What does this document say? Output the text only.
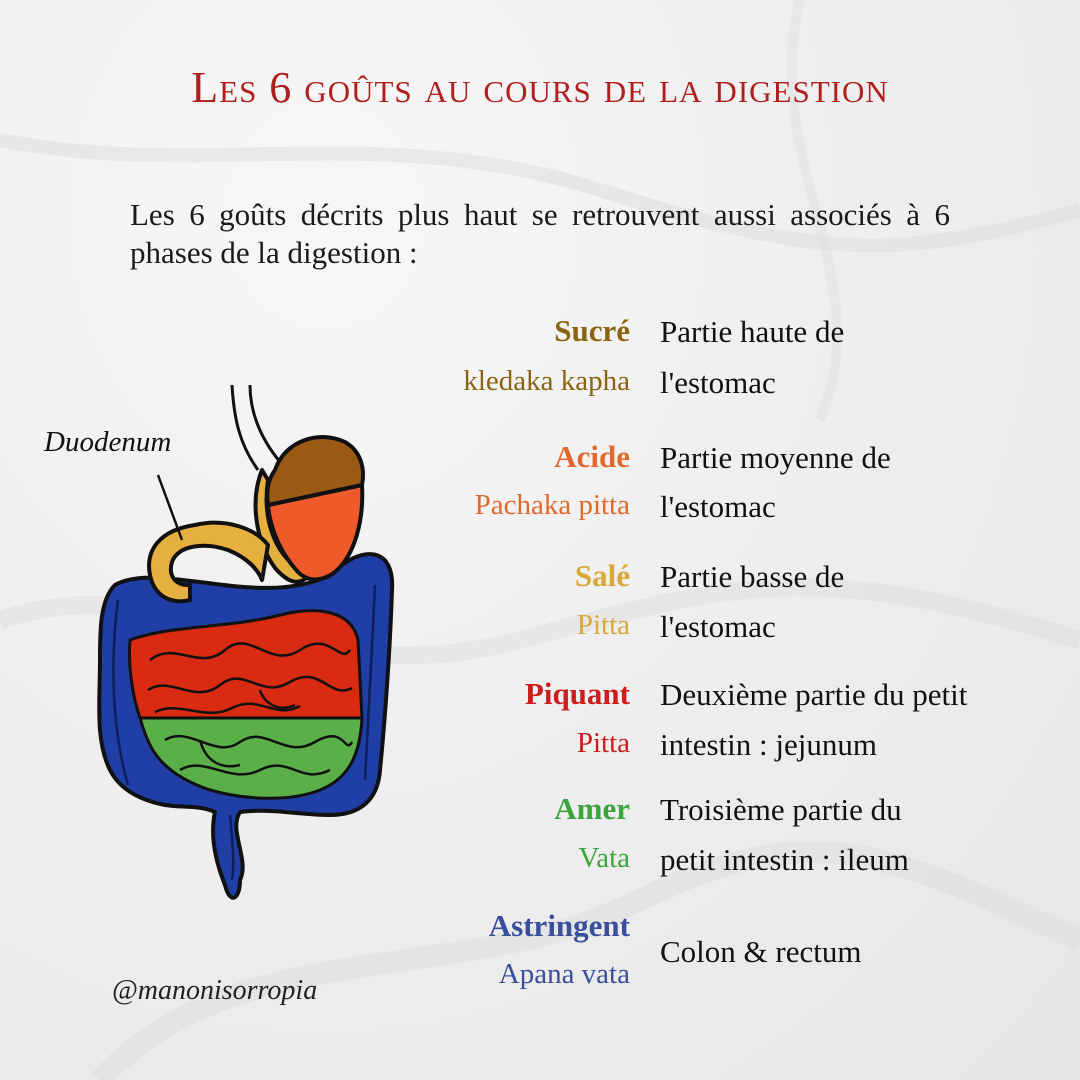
Les 6 goûts au cours de la digestion
Les 6 goûts décrits plus haut se retrouvent aussi associés à 6 phases de la digestion :
Sucré
kledaka kapha
Partie haute de
l'estomac
Acide
Pachaka pitta
Partie moyenne de
l'estomac
Salé
Pitta
Partie basse de
l'estomac
Piquant
Pitta
Deuxième partie du petit
intestin : jejunum
Amer
Vata
Troisième partie du
petit intestin : ileum
Astringent
Apana vata
Colon & rectum
Duodenum
@manonisorropia
